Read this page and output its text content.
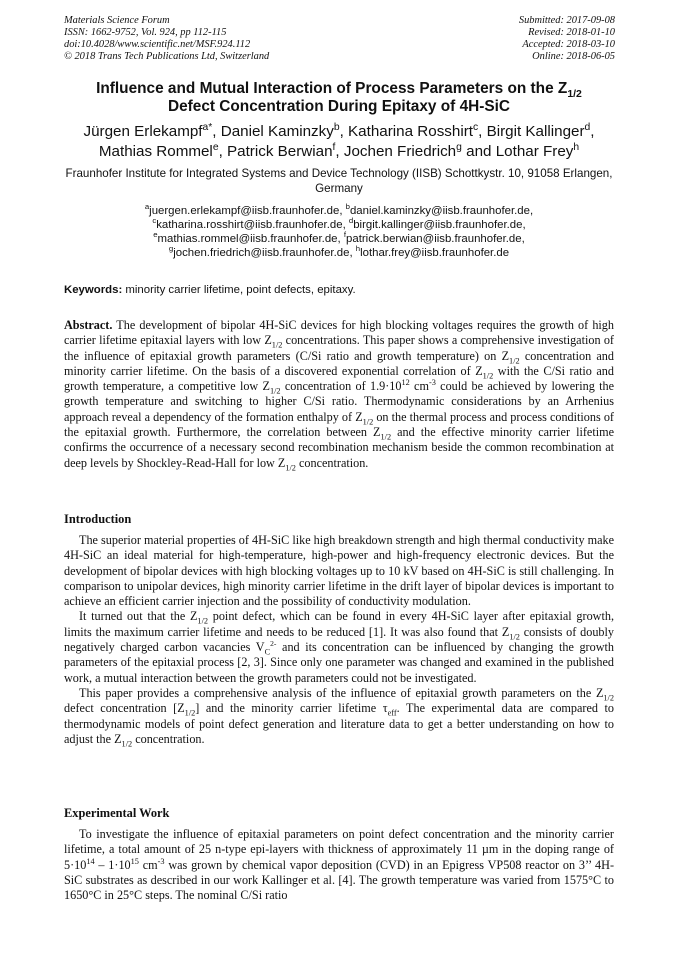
Materials Science Forum
ISSN: 1662-9752, Vol. 924, pp 112-115
doi:10.4028/www.scientific.net/MSF.924.112
© 2018 Trans Tech Publications Ltd, Switzerland
Submitted: 2017-09-08
Revised: 2018-01-10
Accepted: 2018-03-10
Online: 2018-06-05
Influence and Mutual Interaction of Process Parameters on the $Z_{1/2}$
Defect Concentration During Epitaxy of 4H-SiC
Jürgen Erlekampf$^{a*}$, Daniel Kaminzky$^b$, Katharina Rosshirt$^c$, Birgit Kallinger$^d$,
Mathias Rommel$^e$, Patrick Berwian$^f$, Jochen Friedrich$^g$ and Lothar Frey$^h$
Fraunhofer Institute for Integrated Systems and Device Technology (IISB) Schottkystr. 10, 91058 Erlangen, Germany
$^a$juergen.erlekampf@iisb.fraunhofer.de, $^b$daniel.kaminzky@iisb.fraunhofer.de,
$^c$katharina.rosshirt@iisb.fraunhofer.de, $^d$birgit.kallinger@iisb.fraunhofer.de,
$^e$mathias.rommel@iisb.fraunhofer.de, $^f$patrick.berwian@iisb.fraunhofer.de,
$^g$jochen.friedrich@iisb.fraunhofer.de, $^h$lothar.frey@iisb.fraunhofer.de
Keywords: minority carrier lifetime, point defects, epitaxy.

Abstract. The development of bipolar 4H-SiC devices for high blocking voltages requires the growth of high carrier lifetime epitaxial layers with low $Z_{1/2}$ concentrations. This paper shows a comprehensive investigation of the influence of epitaxial growth parameters (C/Si ratio and growth temperature) on $Z_{1/2}$ concentration and minority carrier lifetime. On the basis of a discovered exponential correlation of $Z_{1/2}$ with the C/Si ratio and growth temperature, a competitive low $Z_{1/2}$ concentration of $1.9\cdot 10^{12}$ $cm^{-3}$ could be achieved by lowering the growth temperature and switching to higher C/Si ratio. Thermodynamic considerations by an Arrhenius approach reveal a dependency of the formation enthalpy of $Z_{1/2}$ on the thermal process and process conditions of the epitaxial growth. Furthermore, the correlation between $Z_{1/2}$ and the effective minority carrier lifetime confirms the occurrence of a necessary second recombination mechanism beside the common recombination at deep levels by Shockley-Read-Hall for low $Z_{1/2}$ concentration.

Introduction

The superior material properties of 4H-SiC like high breakdown strength and high thermal conductivity make 4H-SiC an ideal material for high-temperature, high-power and high-frequency electronic devices. But the development of bipolar devices with high blocking voltages up to 10 kV based on 4H-SiC is still challenging. In comparison to unipolar devices, high minority carrier lifetime in the drift layer of bipolar devices is important to achieve an efficient carrier injection and the possibility of conductivity modulation.

It turned out that the $Z_{1/2}$ point defect, which can be found in every 4H-SiC layer after epitaxial growth, limits the maximum carrier lifetime and needs to be reduced [1]. It was also found that $Z_{1/2}$ consists of doubly negatively charged carbon vacancies $V_C^{2-}$ and its concentration can be influenced by changing the growth parameters of the epitaxial process [2, 3]. Since only one parameter was changed and examined in the published work, a mutual interaction between the growth parameters could not be investigated.

This paper provides a comprehensive analysis of the influence of epitaxial growth parameters on the $Z_{1/2}$ defect concentration $[Z_{1/2}]$ and the minority carrier lifetime $\tau_{eff}$. The experimental data are compared to thermodynamic models of point defect generation and literature data to get a better understanding on how to adjust the $Z_{1/2}$ concentration.

Experimental Work

To investigate the influence of epitaxial parameters on point defect concentration and the minority carrier lifetime, a total amount of 25 n-type epi-layers with thickness of approximately 11 µm in the doping range of $5\cdot 10^{14} - 1\cdot 10^{15}$ $cm^{-3}$ was grown by chemical vapor deposition (CVD) in an Epigress VP508 reactor on 3’’ 4H-SiC substrates as described in our work Kallinger et al. [4]. The growth temperature was varied from 1575°C to 1650°C in 25°C steps. The nominal C/Si ratio
